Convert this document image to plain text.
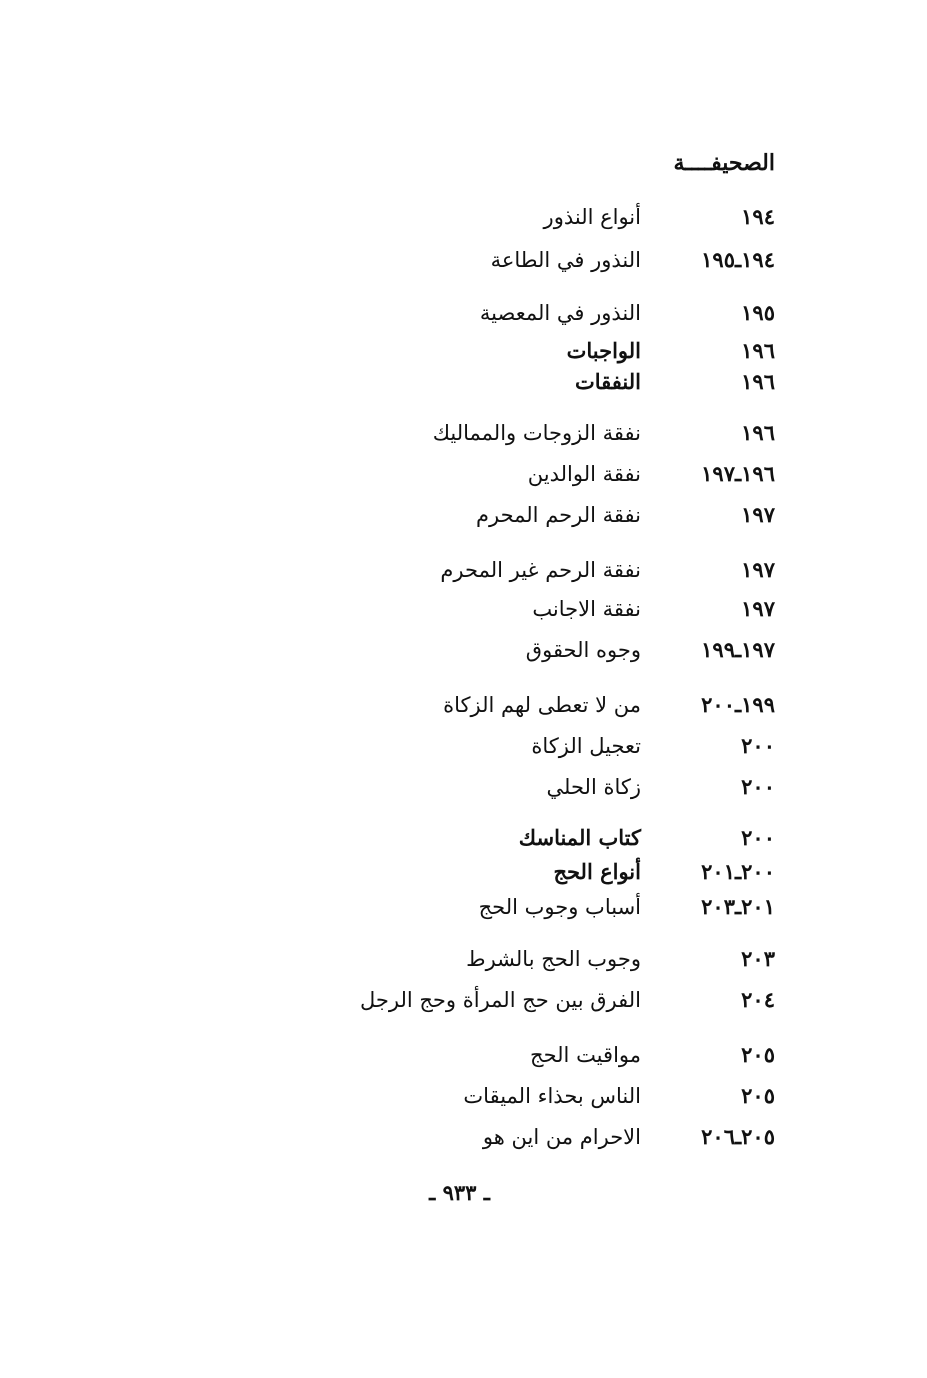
الصحيفــــة
١٩٤
أنواع النذور
١٩٤ـ١٩٥
النذور في الطاعة
١٩٥
النذور في المعصية
١٩٦
الواجبات
١٩٦
النفقات
١٩٦
نفقة الزوجات والمماليك
١٩٦ـ١٩٧
نفقة الوالدين
١٩٧
نفقة الرحم المحرم
١٩٧
نفقة الرحم غير المحرم
١٩٧
نفقة الاجانب
١٩٧ـ١٩٩
وجوه الحقوق
١٩٩ـ٢٠٠
من لا تعطى لهم الزكاة
٢٠٠
تعجيل الزكاة
٢٠٠
زكاة الحلي
٢٠٠
كتاب المناسك
٢٠٠ـ٢٠١
أنواع الحج
٢٠١ـ٢٠٣
أسباب وجوب الحج
٢٠٣
وجوب الحج بالشرط
٢٠٤
الفرق بين حج المرأة وحج الرجل
٢٠٥
مواقيت الحج
٢٠٥
الناس بحذاء الميقات
٢٠٥ـ٢٠٦
الاحرام من اين هو
ـ ٩٣٣ ـ
